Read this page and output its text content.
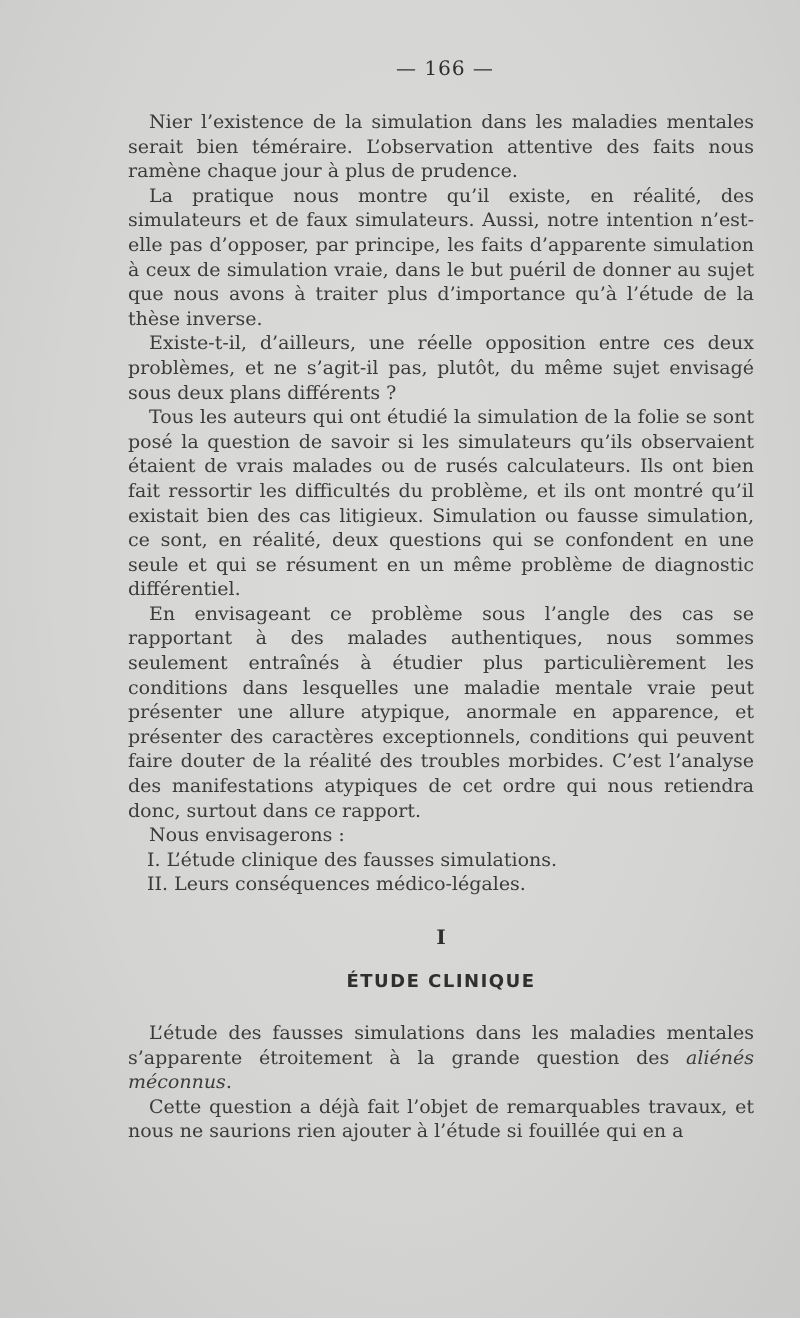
— 166 —

Nier l’existence de la simulation dans les maladies mentales serait bien téméraire. L’observation attentive des faits nous ramène chaque jour à plus de prudence.

La pratique nous montre qu’il existe, en réalité, des simulateurs et de faux simulateurs. Aussi, notre intention n’est-elle pas d’opposer, par principe, les faits d’apparente simulation à ceux de simulation vraie, dans le but puéril de donner au sujet que nous avons à traiter plus d’importance qu’à l’étude de la thèse inverse.

Existe-t-il, d’ailleurs, une réelle opposition entre ces deux problèmes, et ne s’agit-il pas, plutôt, du même sujet envisagé sous deux plans différents ?

Tous les auteurs qui ont étudié la simulation de la folie se sont posé la question de savoir si les simulateurs qu’ils observaient étaient de vrais malades ou de rusés calculateurs. Ils ont bien fait ressortir les difficultés du problème, et ils ont montré qu’il existait bien des cas litigieux. Simulation ou fausse simulation, ce sont, en réalité, deux questions qui se confondent en une seule et qui se résument en un même problème de diagnostic différentiel.

En envisageant ce problème sous l’angle des cas se rapportant à des malades authentiques, nous sommes seulement entraînés à étudier plus particulièrement les conditions dans lesquelles une maladie mentale vraie peut présenter une allure atypique, anormale en apparence, et présenter des caractères exceptionnels, conditions qui peuvent faire douter de la réalité des troubles morbides. C’est l’analyse des manifestations atypiques de cet ordre qui nous retiendra donc, surtout dans ce rapport.

Nous envisagerons :

I. L’étude clinique des fausses simulations.

II. Leurs conséquences médico-légales.

I
ÉTUDE CLINIQUE

L’étude des fausses simulations dans les maladies mentales s’apparente étroitement à la grande question des aliénés méconnus.

Cette question a déjà fait l’objet de remarquables travaux, et nous ne saurions rien ajouter à l’étude si fouillée qui en a
